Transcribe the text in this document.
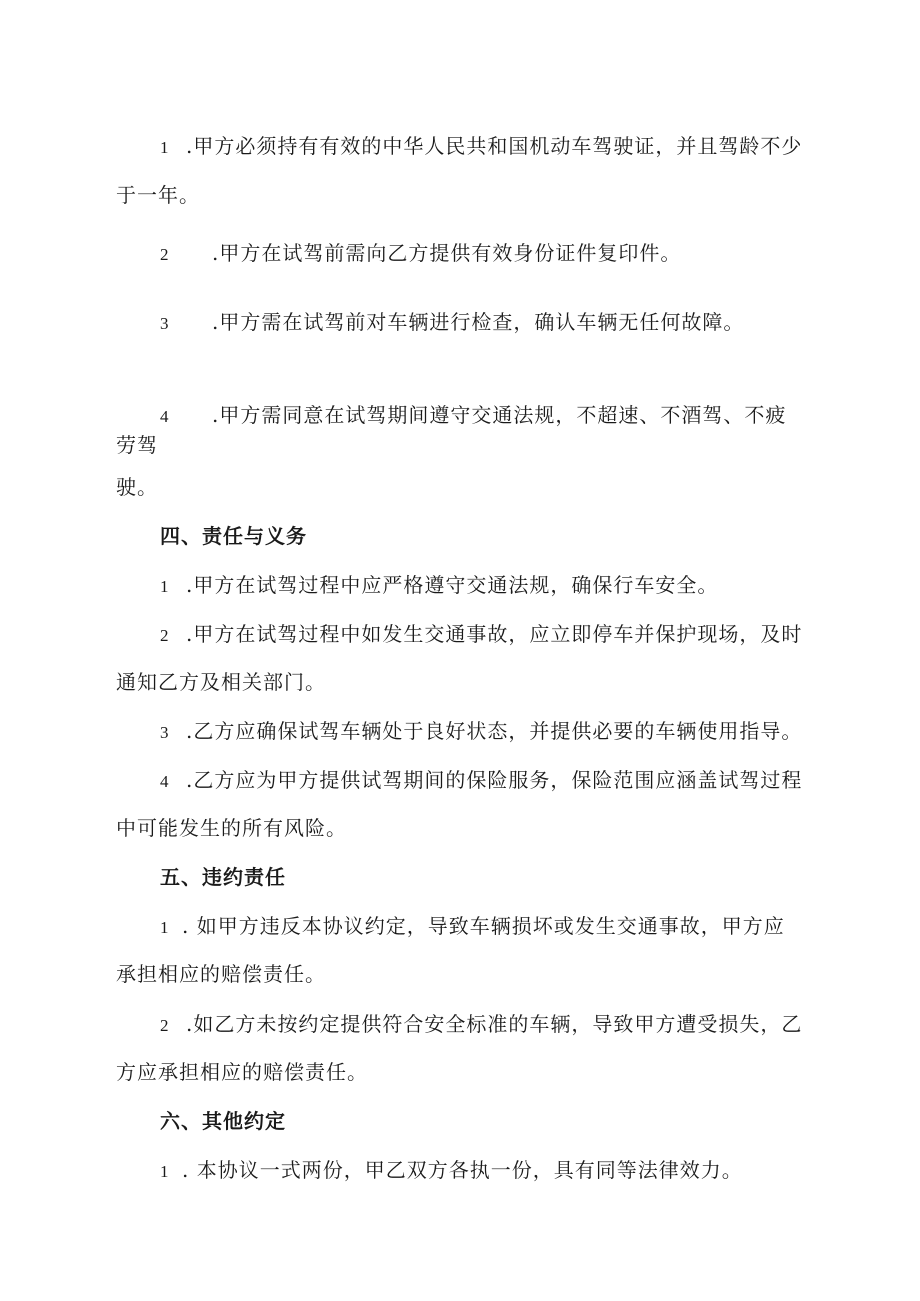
1 .甲方必须持有有效的中华人民共和国机动车驾驶证，并且驾龄不少
于一年。
2 .甲方在试驾前需向乙方提供有效身份证件复印件。
3 .甲方需在试驾前对车辆进行检查，确认车辆无任何故障。
4 .甲方需同意在试驾期间遵守交通法规，不超速、不酒驾、不疲
劳驾
驶。
四、责任与义务
1 .甲方在试驾过程中应严格遵守交通法规，确保行车安全。
2 .甲方在试驾过程中如发生交通事故，应立即停车并保护现场，及时
通知乙方及相关部门。
3 .乙方应确保试驾车辆处于良好状态，并提供必要的车辆使用指导。
4 .乙方应为甲方提供试驾期间的保险服务，保险范围应涵盖试驾过程
中可能发生的所有风险。
五、违约责任
1 . 如甲方违反本协议约定，导致车辆损坏或发生交通事故，甲方应
承担相应的赔偿责任。
2 .如乙方未按约定提供符合安全标准的车辆，导致甲方遭受损失，乙
方应承担相应的赔偿责任。
六、其他约定
1 . 本协议一式两份，甲乙双方各执一份，具有同等法律效力。
